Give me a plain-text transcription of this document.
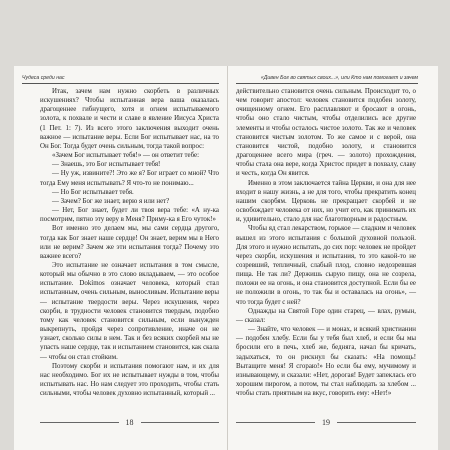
Чудеса среди нас

Итак, зачем нам нужно скорбеть в различных искушениях? Чтобы испытанная вера ваша оказалась драгоценнее гибнущего, хотя и огнем испытываемого золота, к похвале и чести и славе в явление Иисуса Христа (1 Пет. 1: 7). Из всего этого заключения выходит очень важное — испытание веры. Если Бог испытывает нас, на то Он Бог. Тогда будет очень сильным, тогда такой вопрос:

«Зачем Бог испытывает тебя!» — он ответит тебе:

— Знаешь, это Бог испытывает тебя!

— Ну уж, извините?! Это же я? Бог играет со мной? Что тогда Ему меня испытывать? Я что-то не понимаю...

— Но Бог испытывает тебя.

— Зачем? Бог же знает, верю я или нет?

— Нет, Бог знает, будет ли твоя вера тебе: «А ну-ка посмотрим, пятно эту веру в Меня? Приму-ка я Его чуток!»

Вот именно это делаем мы, мы сами сердца другого, тогда как Бог знает наше сердце! Он знает, верим мы в Него или не верим? Зачем же эти испытания тогда? Почему это важнее всего?

Это испытание не означает испытания в том смысле, который мы обычно в это слово вкладываем, — это особое испытание. Dokímos означает человека, который стал испытанным, очень сильным, выносливым. Испытание веры — испытание твердости веры. Через искушения, через скорби, в трудности человек становится твердым, подобно тому как человек становится сильным, если вынужден выкрепнуть, пройдя через сопротивление, иначе он не узнает, сколько силы в нем. Так и без всяких скорбей мы не упасть наше сердце, так и испытанием становится, как скала — чтобы он стал стойким.

Поэтому скорби и испытания помогают нам, и их для нас необходимо. Бог их не испытывает нужды в том, чтобы испытывать нас. Но нам следует это проходить, чтобы стать сильными, чтобы человек духовно испытанный, который ...

18
«Дивен Бог во святых своих...», или Кто нам помогает и зачем

действительно становится очень сильным. Происходит то, о чем говорит апостол: человек становится подобен золоту, очищенному огнем. Его расплавляют и бросают в огонь, чтобы оно стало чистым, чтобы отделились все другие элементы и чтобы осталось чистое золото. Так же и человек становится чистым золотом. То же самое и с верой, она становится чистой, подобно золоту, и становится драгоценнее всего мира (греч. — золото) прохождения, чтобы стала она вере, когда Христос придет в похвалу, славу и честь, когда Он явится.

Именно в этом заключается тайна Церкви, и она для нее входит в нашу жизнь, а не для того, чтобы прекратить конец нашим скорбям. Церковь не прекращает скорбей и не освобождает человека от них, но учит его, как принимать их и, удивительно, стало для нас благотворным и радостным.

Чтобы яд стал лекарством, горькое — сладким и человек вышел из этого испытания с большой духовной пользой. Для этого и нужно испытать, до сих пор: человек не пройдет через скорби, искушения и испытания, то это какой-то не созревший, тепличный, слабый плод, словно недозревшая пища. Не так ли? Держишь сырую пищу, она не созрела, положи ее на огонь, и она становится доступной. Если бы ее не положили в огонь, то так бы и оставалась на огонь», — что тогда будет с ней?

Однажды на Святой Горе один старец, — влах, румын, — сказал:

— Знайте, что человек — и монах, и всякий христианин — подобен хлебу. Если бы у тебя был хлеб, и если бы мы бросили его в печь, хлеб же, бедняга, начал бы кричать, задыхаться, то он рискнул бы сказать: «На помощь! Вытащите меня! Я сгораю!» Но если бы ему, мучимому и изнывающему, и сказали: «Нет, дорогая! Будет запеклась его хорошим пирогом, а потом, ты стал наблюдать за хлебом ... чтобы стать приятным на вкус, говорить ему: «Нет!»

19
